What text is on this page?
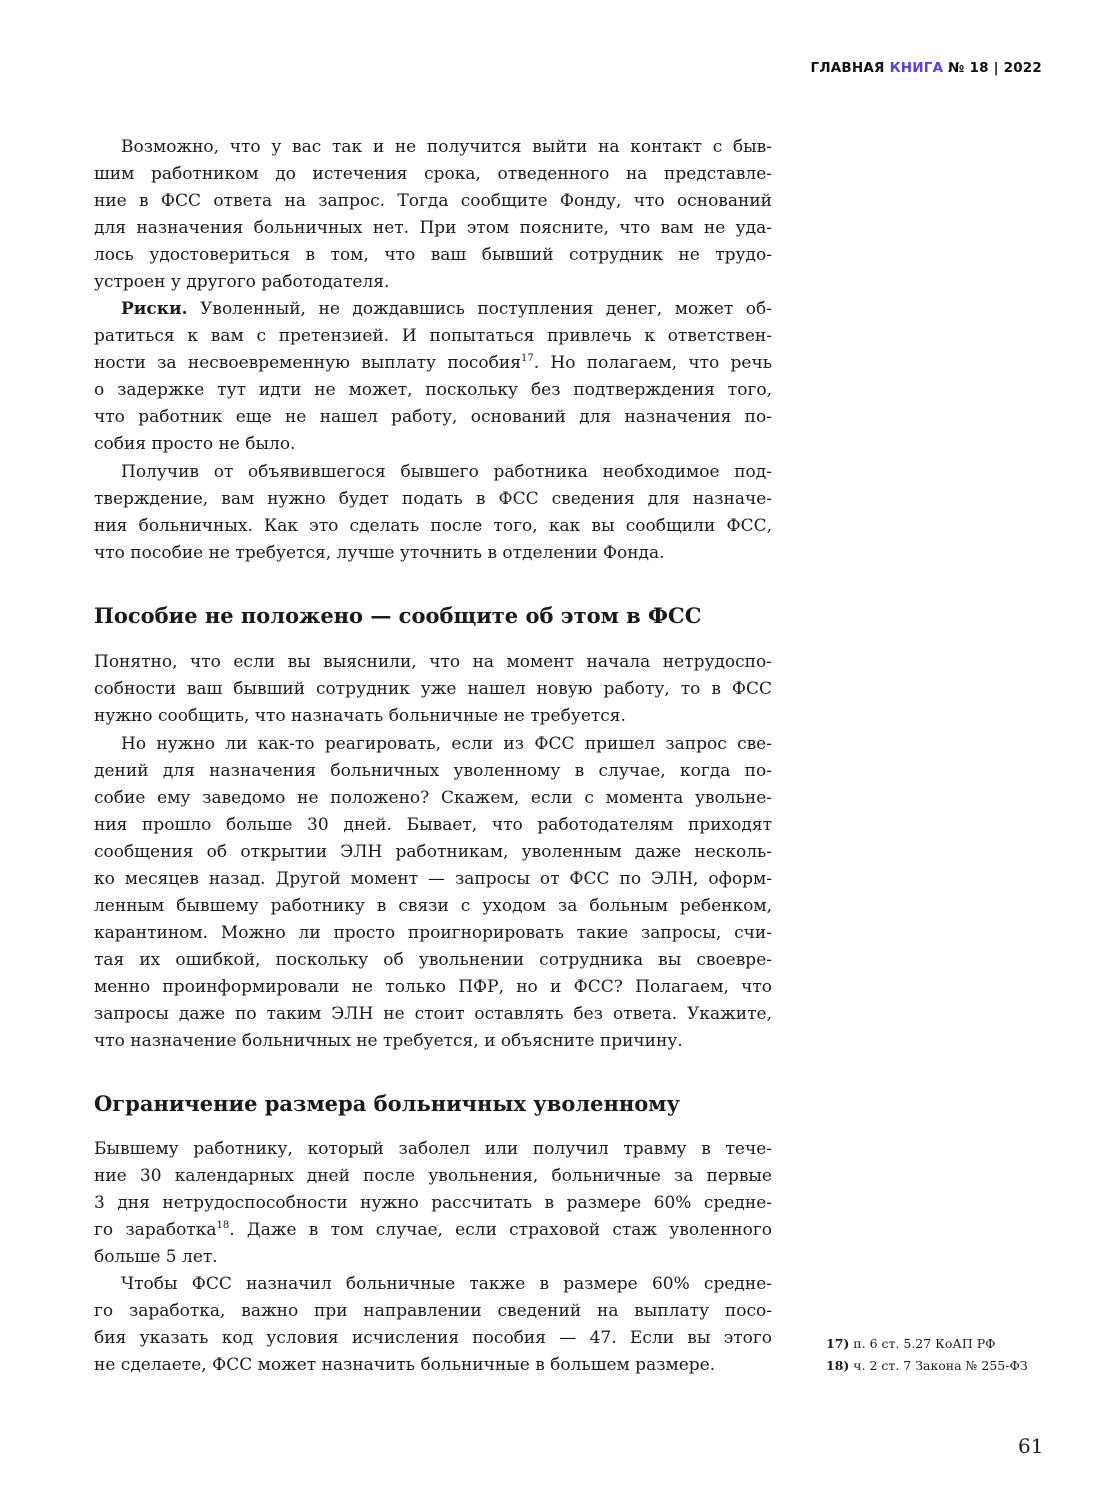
ГЛАВНАЯ КНИГА № 18 | 2022
Возможно, что у вас так и не получится выйти на контакт с быв-
шим работником до истечения срока, отведенного на представле-
ние в ФСС ответа на запрос. Тогда сообщите Фонду, что оснований
для назначения больничных нет. При этом поясните, что вам не уда-
лось удостовериться в том, что ваш бывший сотрудник не трудо-
устроен у другого работодателя.
Риски. Уволенный, не дождавшись поступления денег, может об-
ратиться к вам с претензией. И попытаться привлечь к ответствен-
ности за несвоевременную выплату пособия$^{17}$. Но полагаем, что речь
о задержке тут идти не может, поскольку без подтверждения того,
что работник еще не нашел работу, оснований для назначения по-
собия просто не было.
Получив от объявившегося бывшего работника необходимое под-
тверждение, вам нужно будет подать в ФСС сведения для назначе-
ния больничных. Как это сделать после того, как вы сообщили ФСС,
что пособие не требуется, лучше уточнить в отделении Фонда.
Пособие не положено — сообщите об этом в ФСС
Понятно, что если вы выяснили, что на момент начала нетрудоспо-
собности ваш бывший сотрудник уже нашел новую работу, то в ФСС
нужно сообщить, что назначать больничные не требуется.
Но нужно ли как-то реагировать, если из ФСС пришел запрос све-
дений для назначения больничных уволенному в случае, когда по-
собие ему заведомо не положено? Скажем, если с момента увольне-
ния прошло больше 30 дней. Бывает, что работодателям приходят
сообщения об открытии ЭЛН работникам, уволенным даже несколь-
ко месяцев назад. Другой момент — запросы от ФСС по ЭЛН, оформ-
ленным бывшему работнику в связи с уходом за больным ребенком,
карантином. Можно ли просто проигнорировать такие запросы, счи-
тая их ошибкой, поскольку об увольнении сотрудника вы своевре-
менно проинформировали не только ПФР, но и ФСС? Полагаем, что
запросы даже по таким ЭЛН не стоит оставлять без ответа. Укажите,
что назначение больничных не требуется, и объясните причину.
Ограничение размера больничных уволенному
Бывшему работнику, который заболел или получил травму в тече-
ние 30 календарных дней после увольнения, больничные за первые
3 дня нетрудоспособности нужно рассчитать в размере 60% средне-
го заработка$^{18}$. Даже в том случае, если страховой стаж уволенного
больше 5 лет.
Чтобы ФСС назначил больничные также в размере 60% средне-
го заработка, важно при направлении сведений на выплату посо-
бия указать код условия исчисления пособия — 47. Если вы этого
не сделаете, ФСС может назначить больничные в большем размере.
17) п. 6 ст. 5.27 КоАП РФ
18) ч. 2 ст. 7 Закона № 255-ФЗ
61
